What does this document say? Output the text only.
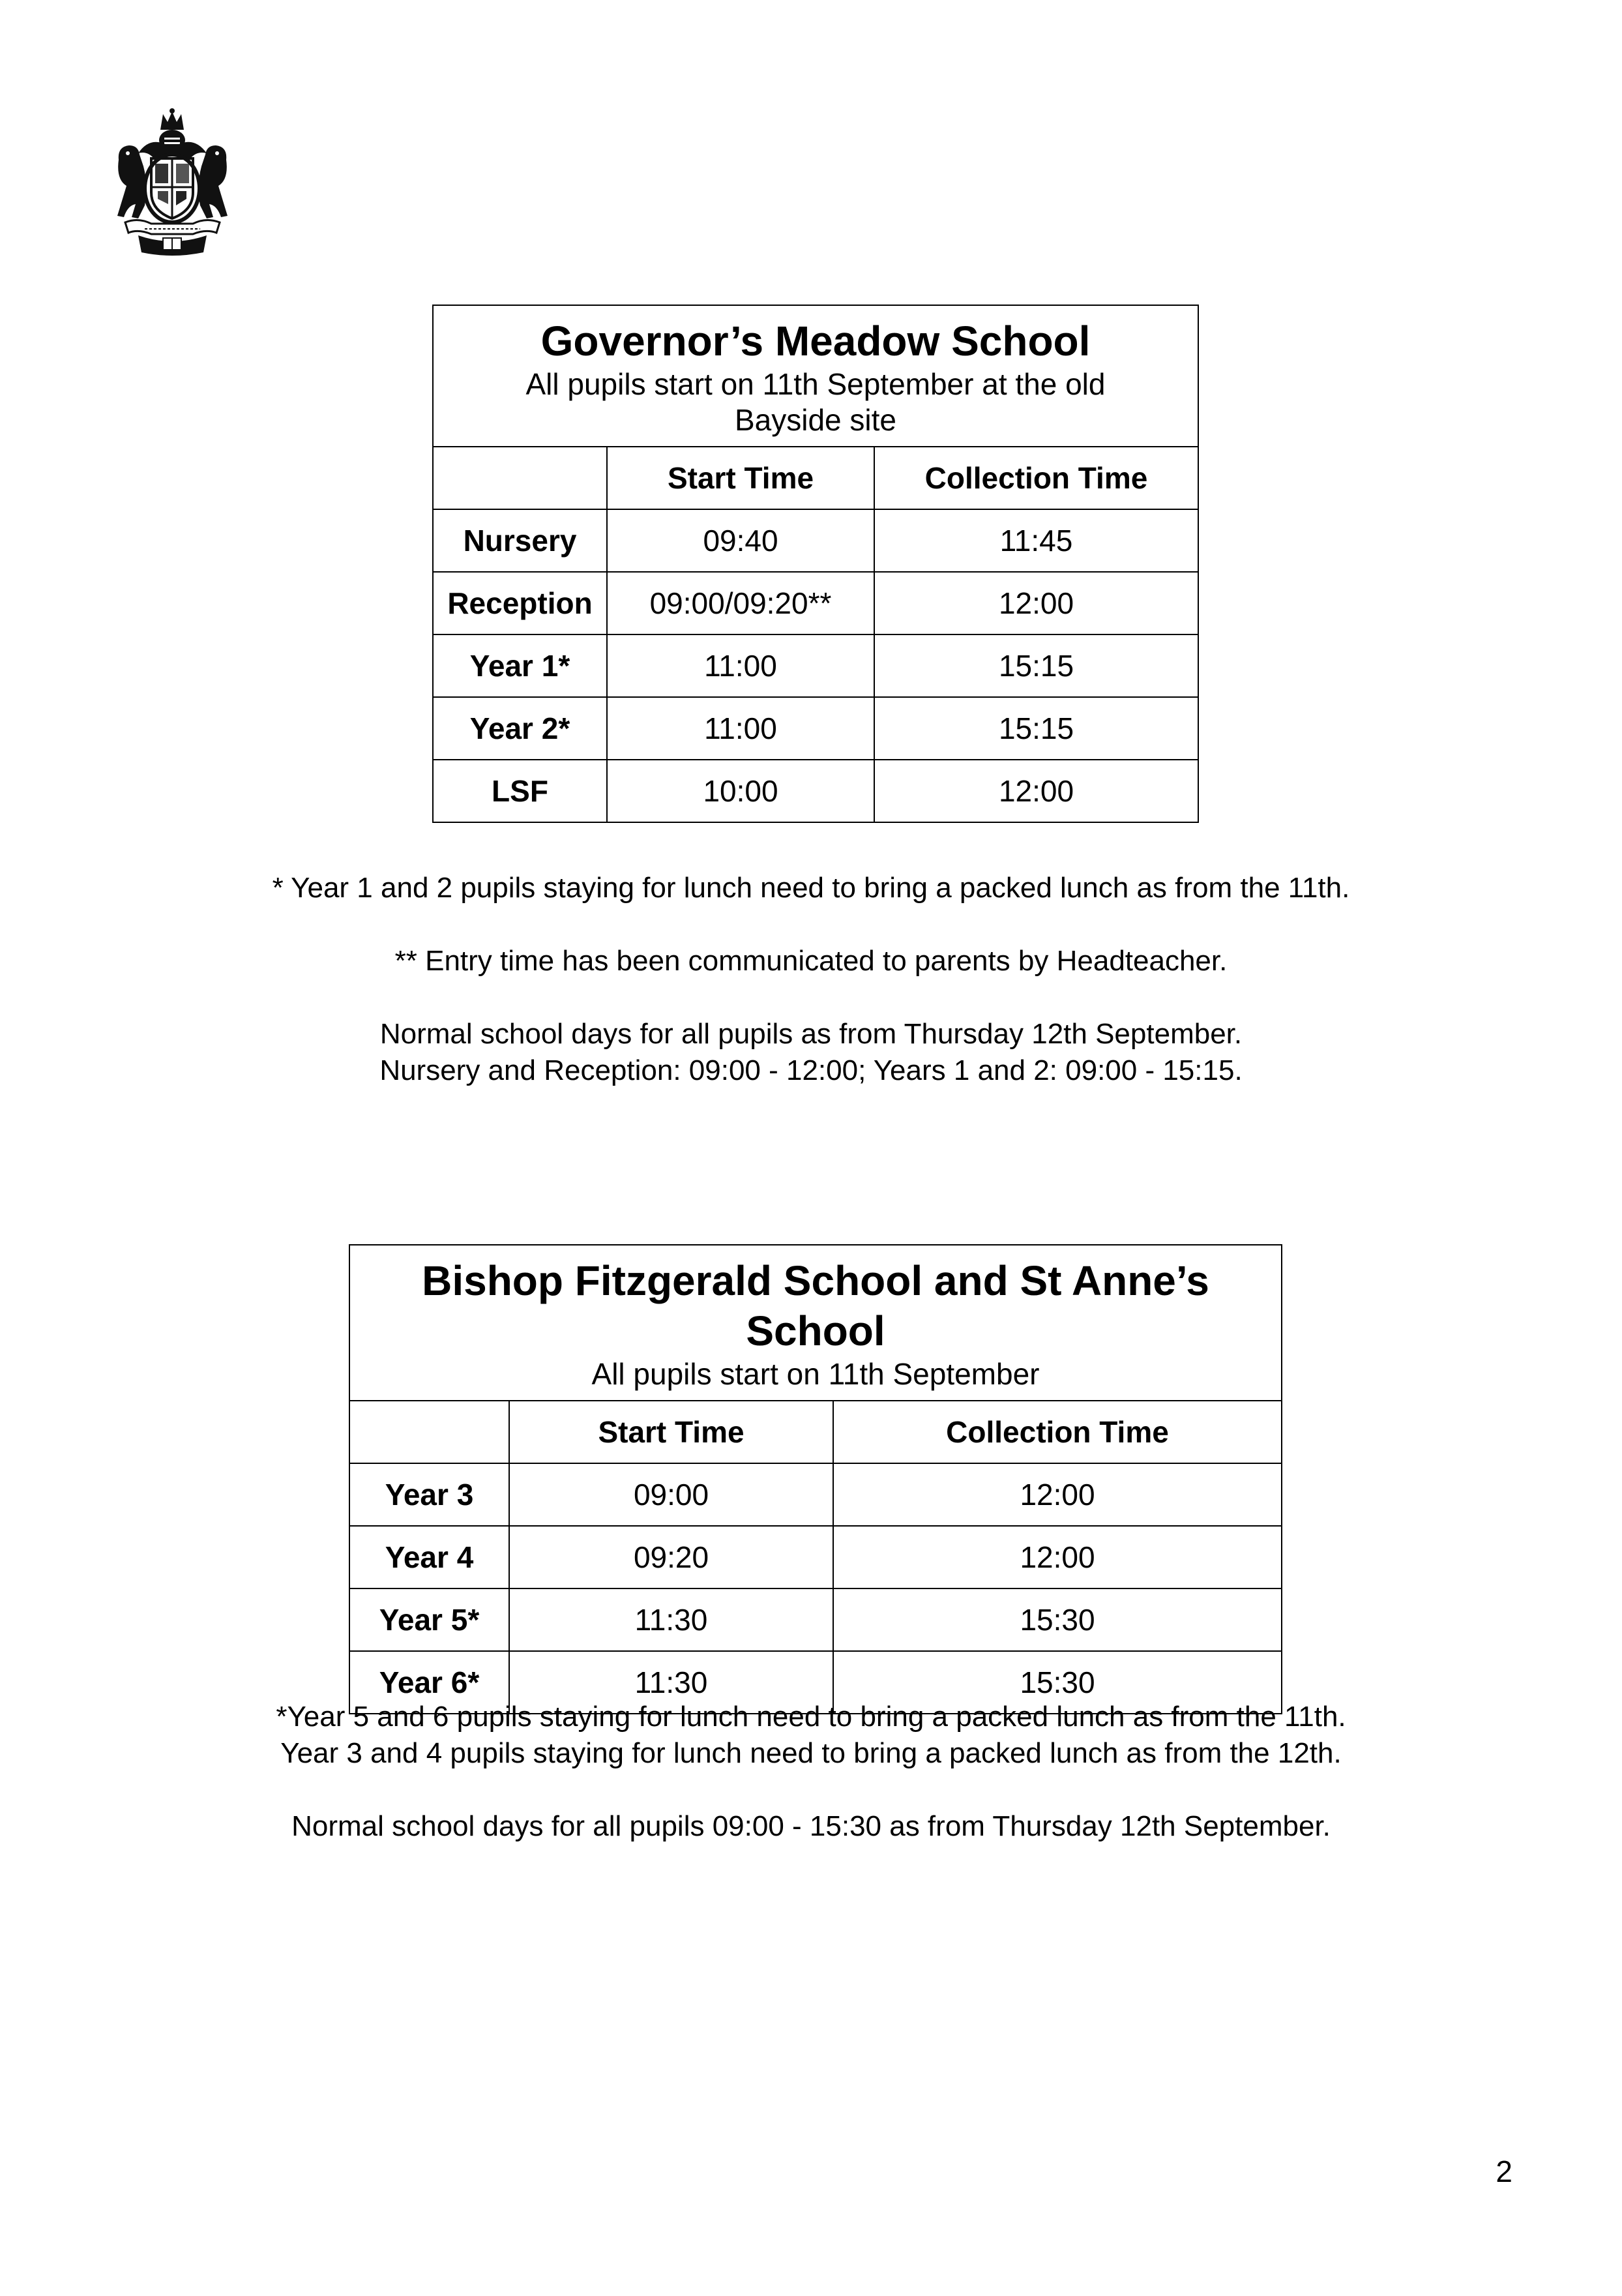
Governor’s Meadow School
All pupils start on 11th September at the old
Bayside site		

	Start Time	Collection Time
Nursery	09:40	11:45
Reception	09:00/09:20**	12:00
Year 1*	11:00	15:15
Year 2*	11:00	15:15
LSF	10:00	12:00

* Year 1 and 2 pupils staying for lunch need to bring a packed lunch as from the 11th.

** Entry time has been communicated to parents by Headteacher.

Normal school days for all pupils as from Thursday 12th September.

Nursery and Reception: 09:00 - 12:00; Years 1 and 2: 09:00 - 15:15.

Bishop Fitzgerald School and St Anne’s School
All pupils start on 11th September		

	Start Time	Collection Time
Year 3	09:00	12:00
Year 4	09:20	12:00
Year 5*	11:30	15:30
Year 6*	11:30	15:30

*Year 5 and 6 pupils staying for lunch need to bring a packed lunch as from the 11th.

Year 3 and 4 pupils staying for lunch need to bring a packed lunch as from the 12th.

Normal school days for all pupils 09:00 - 15:30 as from Thursday 12th September.

2
